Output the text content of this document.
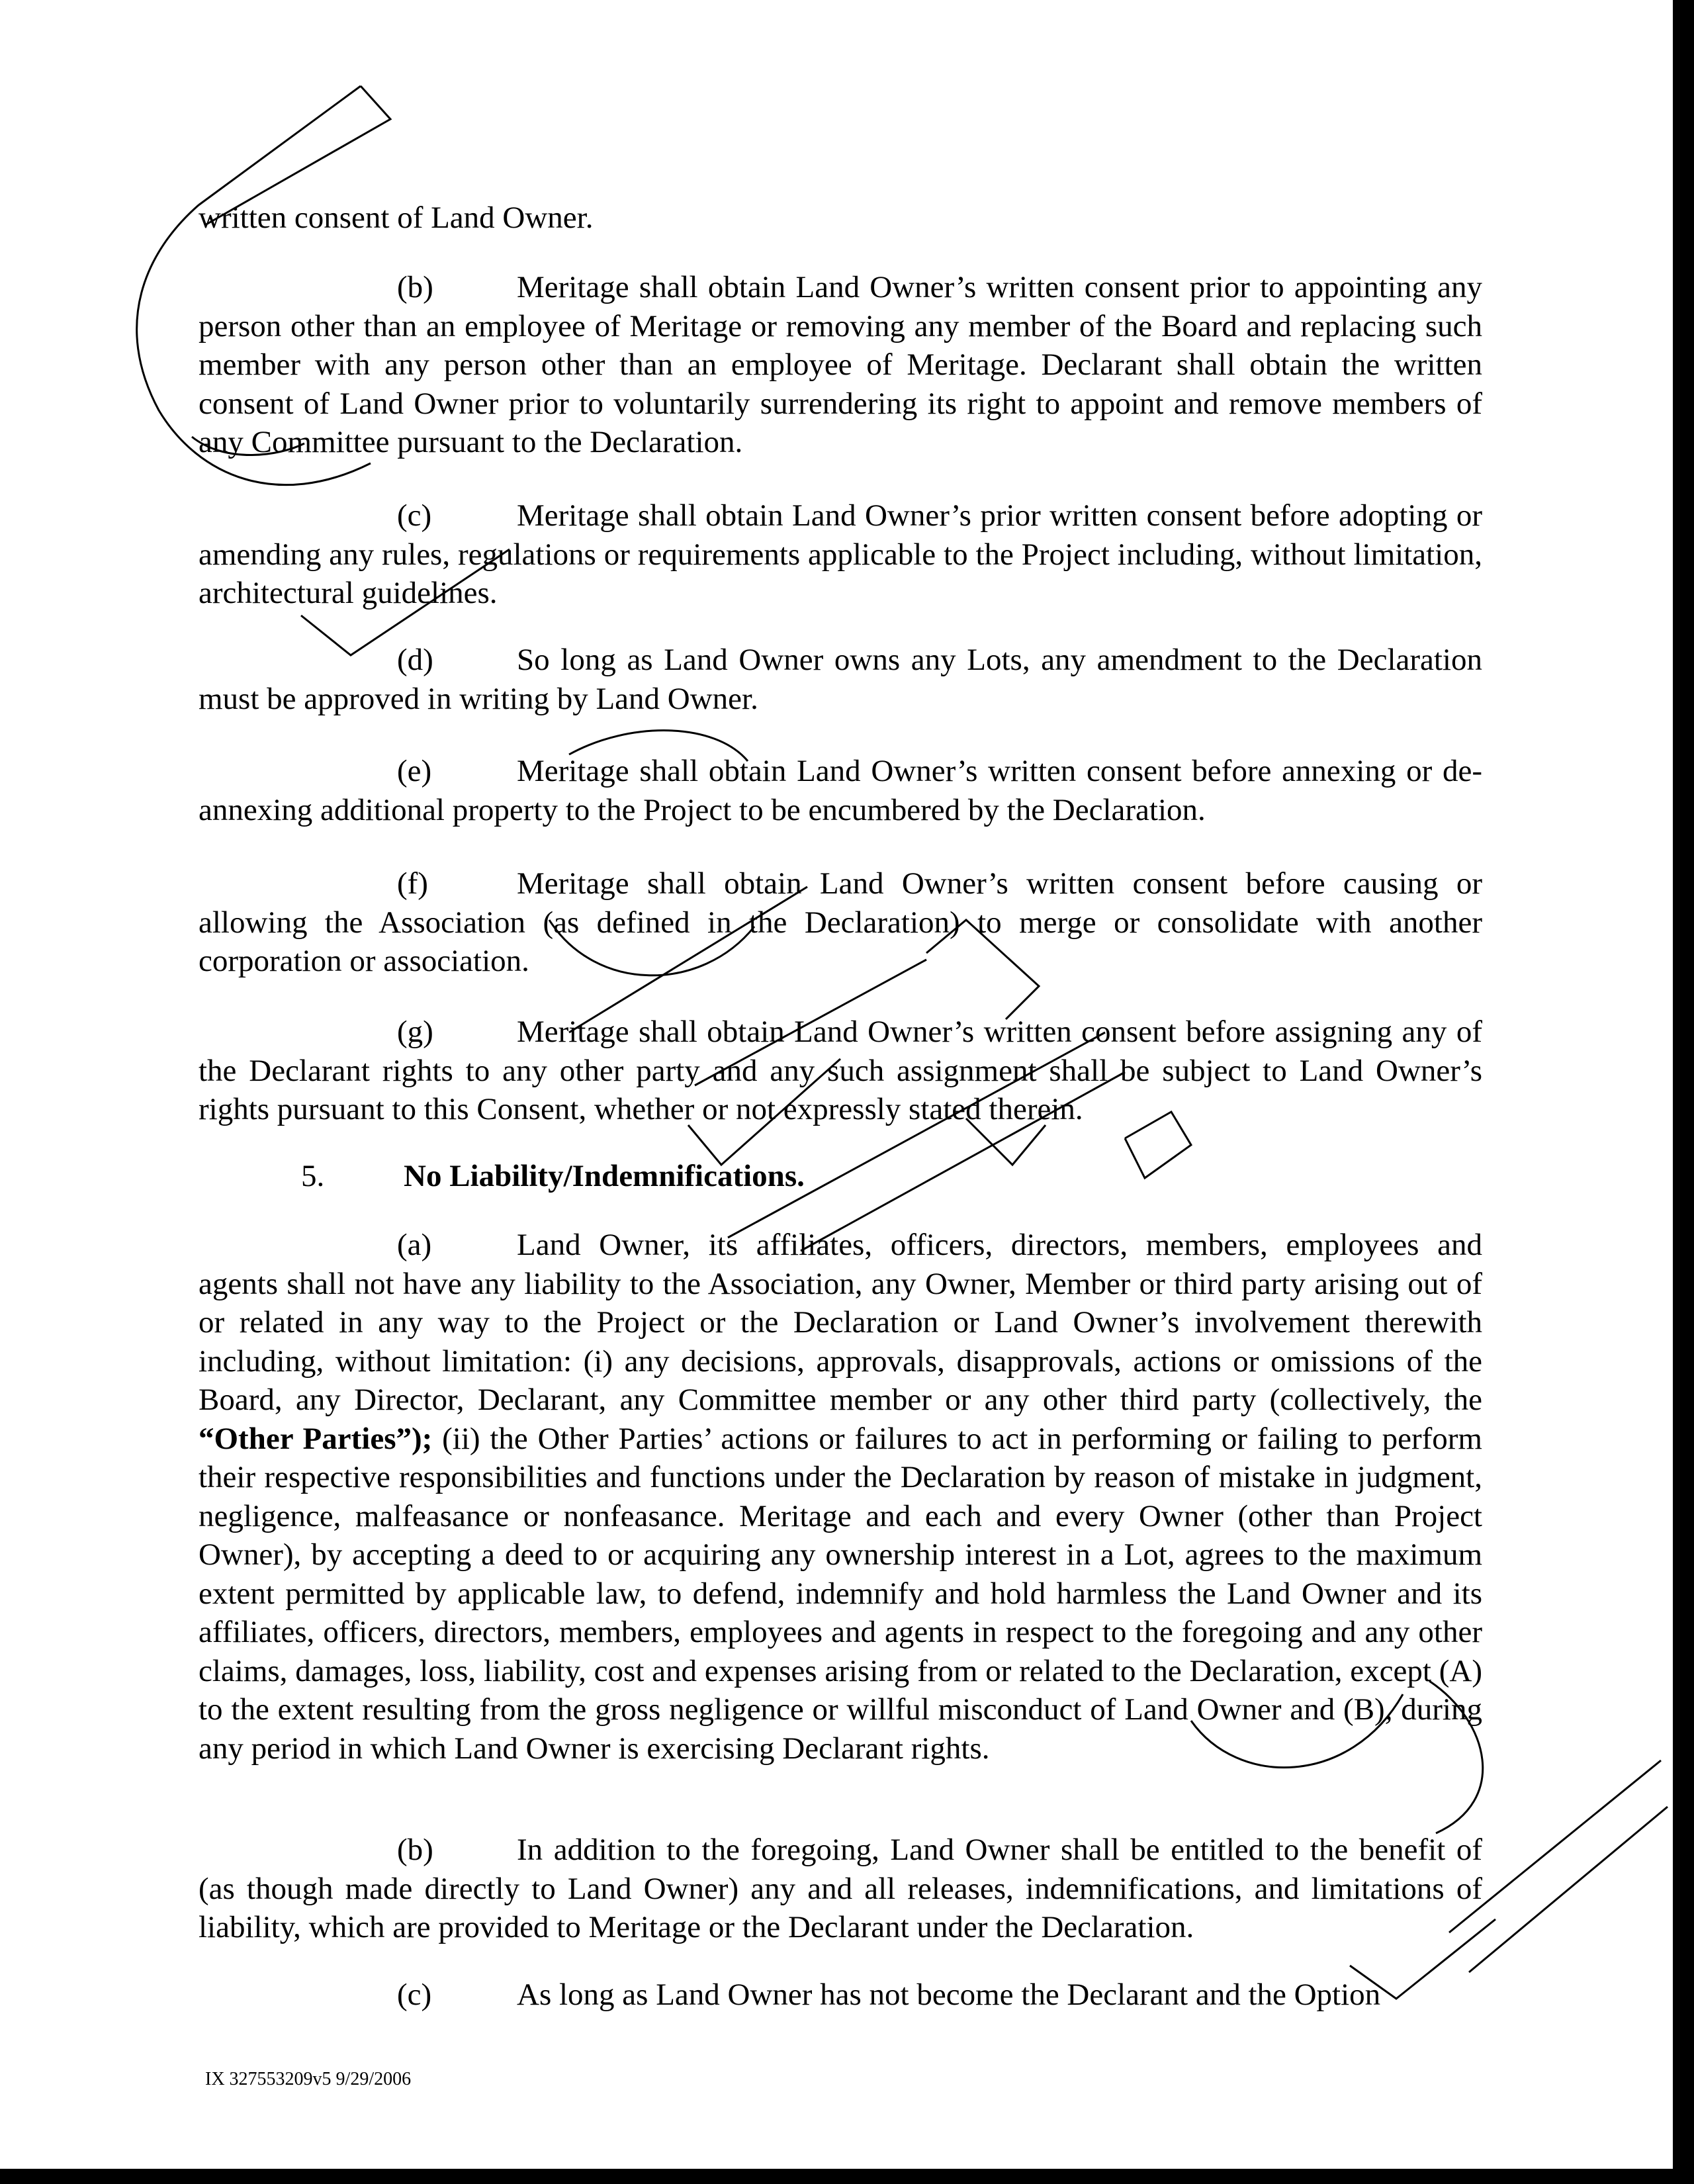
written consent of Land Owner.

(b)	Meritage shall obtain Land Owner’s written consent prior to appointing any person other than an employee of Meritage or removing any member of the Board and replacing such member with any person other than an employee of Meritage. Declarant shall obtain the written consent of Land Owner prior to voluntarily surrendering its right to appoint and remove members of any Committee pursuant to the Declaration.

(c)	Meritage shall obtain Land Owner’s prior written consent before adopting or amending any rules, regulations or requirements applicable to the Project including, without limitation, architectural guidelines.

(d)	So long as Land Owner owns any Lots, any amendment to the Declaration must be approved in writing by Land Owner.

(e)	Meritage shall obtain Land Owner’s written consent before annexing or de-annexing additional property to the Project to be encumbered by the Declaration.

(f)	Meritage shall obtain Land Owner’s written consent before causing or allowing the Association (as defined in the Declaration) to merge or consolidate with another corporation or association.

(g)	Meritage shall obtain Land Owner’s written consent before assigning any of the Declarant rights to any other party and any such assignment shall be subject to Land Owner’s rights pursuant to this Consent, whether or not expressly stated therein.

5.	No Liability/Indemnifications.

(a)	Land Owner, its affiliates, officers, directors, members, employees and agents shall not have any liability to the Association, any Owner, Member or third party arising out of or related in any way to the Project or the Declaration or Land Owner’s involvement therewith including, without limitation: (i) any decisions, approvals, disapprovals, actions or omissions of the Board, any Director, Declarant, any Committee member or any other third party (collectively, the “Other Parties”); (ii) the Other Parties’ actions or failures to act in performing or failing to perform their respective responsibilities and functions under the Declaration by reason of mistake in judgment, negligence, malfeasance or nonfeasance. Meritage and each and every Owner (other than Project Owner), by accepting a deed to or acquiring any ownership interest in a Lot, agrees to the maximum extent permitted by applicable law, to defend, indemnify and hold harmless the Land Owner and its affiliates, officers, directors, members, employees and agents in respect to the foregoing and any other claims, damages, loss, liability, cost and expenses arising from or related to the Declaration, except (A) to the extent resulting from the gross negligence or willful misconduct of Land Owner and (B), during any period in which Land Owner is exercising Declarant rights.

(b)	In addition to the foregoing, Land Owner shall be entitled to the benefit of (as though made directly to Land Owner) any and all releases, indemnifications, and limitations of liability, which are provided to Meritage or the Declarant under the Declaration.

(c)	As long as Land Owner has not become the Declarant and the Option

IX 327553209v5 9/29/2006
